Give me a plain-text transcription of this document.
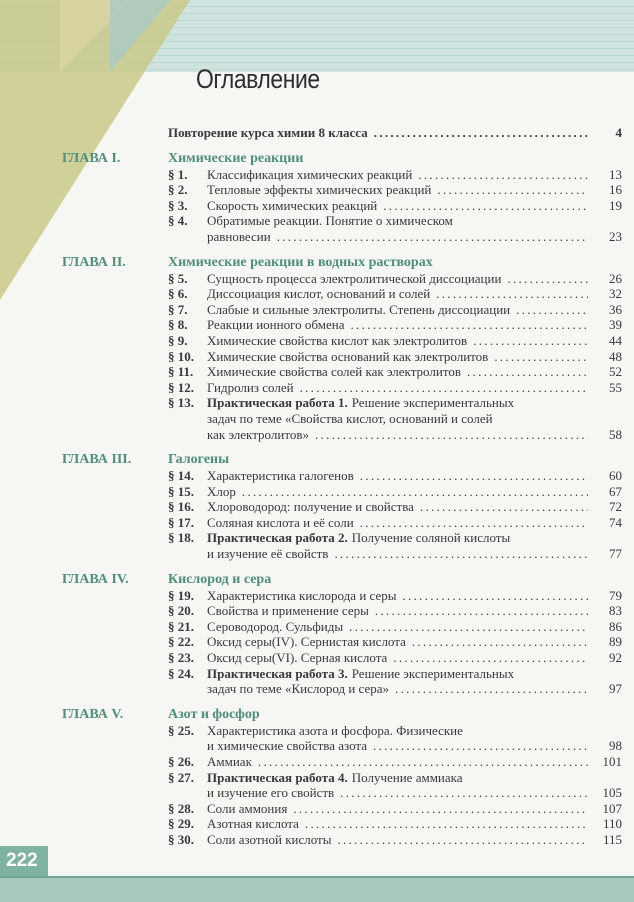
Оглавление
Повторение курса химии 8 класса .....	4
ГЛАВА I.	Химические реакции
§ 1. Классификация химических реакций .....	13
§ 2. Тепловые эффекты химических реакций .....	16
§ 3. Скорость химических реакций .....	19
§ 4. Обратимые реакции. Понятие о химическом
равновесии .....	23
ГЛАВА II.	Химические реакции в водных растворах
§ 5. Сущность процесса электролитической диссоциации .....	26
§ 6. Диссоциация кислот, оснований и солей .....	32
§ 7. Слабые и сильные электролиты. Степень диссоциации .....	36
§ 8. Реакции ионного обмена .....	39
§ 9. Химические свойства кислот как электролитов .....	44
§ 10. Химические свойства оснований как электролитов .....	48
§ 11. Химические свойства солей как электролитов .....	52
§ 12. Гидролиз солей .....	55
§ 13. Практическая работа 1. Решение экспериментальных
задач по теме «Свойства кислот, оснований и солей
как электролитов» .....	58
ГЛАВА III.	Галогены
§ 14. Характеристика галогенов .....	60
§ 15. Хлор .....	67
§ 16. Хлороводород: получение и свойства .....	72
§ 17. Соляная кислота и её соли .....	74
§ 18. Практическая работа 2. Получение соляной кислоты
и изучение её свойств .....	77
ГЛАВА IV.	Кислород и сера
§ 19. Характеристика кислорода и серы .....	79
§ 20. Свойства и применение серы .....	83
§ 21. Сероводород. Сульфиды .....	86
§ 22. Оксид серы(IV). Сернистая кислота .....	89
§ 23. Оксид серы(VI). Серная кислота .....	92
§ 24. Практическая работа 3. Решение экспериментальных
задач по теме «Кислород и сера» .....	97
ГЛАВА V.	Азот и фосфор
§ 25. Характеристика азота и фосфора. Физические
и химические свойства азота .....	98
§ 26. Аммиак .....	101
§ 27. Практическая работа 4. Получение аммиака
и изучение его свойств .....	105
§ 28. Соли аммония .....	107
§ 29. Азотная кислота .....	110
§ 30. Соли азотной кислоты .....	115
222
